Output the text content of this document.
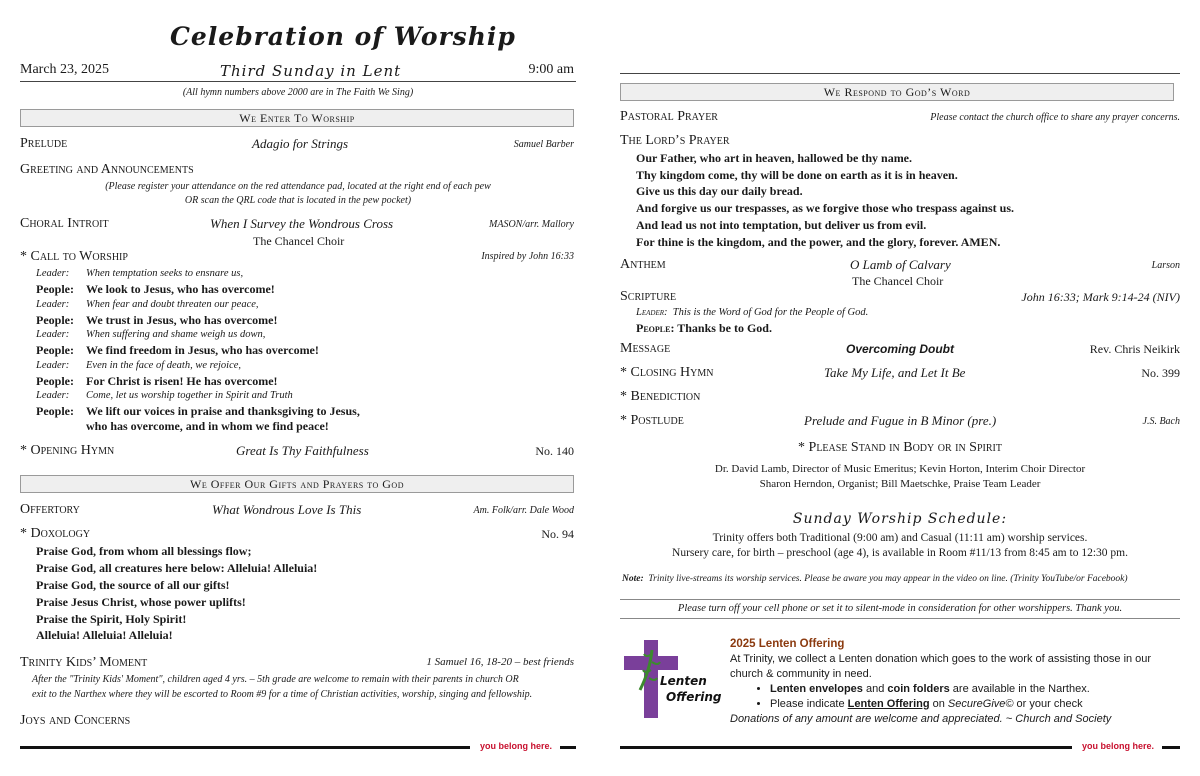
Celebration of Worship
March 23, 2025	Third Sunday in Lent	9:00 am
(All hymn numbers above 2000 are in The Faith We Sing)
We Enter To Worship
Prelude	Adagio for Strings	Samuel Barber
Greeting and Announcements
(Please register your attendance on the red attendance pad, located at the right end of each pew
OR scan the QRL code that is located in the pew pocket)
Choral Introit	When I Survey the Wondrous Cross	MASON/arr. Mallory
The Chancel Choir
* Call to Worship	Inspired by John 16:33
Leader:	When temptation seeks to ensnare us,
People:	We look to Jesus, who has overcome!
Leader:	When fear and doubt threaten our peace,
People:	We trust in Jesus, who has overcome!
Leader:	When suffering and shame weigh us down,
People:	We find freedom in Jesus, who has overcome!
Leader:	Even in the face of death, we rejoice,
People:	For Christ is risen! He has overcome!
Leader:	Come, let us worship together in Spirit and Truth
People:	We lift our voices in praise and thanksgiving to Jesus,
who has overcome, and in whom we find peace!
* Opening Hymn	Great Is Thy Faithfulness	No. 140
We Offer Our Gifts and Prayers to God
Offertory	What Wondrous Love Is This	Am. Folk/arr. Dale Wood
* Doxology	No. 94
Praise God, from whom all blessings flow;
Praise God, all creatures here below: Alleluia! Alleluia!
Praise God, the source of all our gifts!
Praise Jesus Christ, whose power uplifts!
Praise the Spirit, Holy Spirit!
Alleluia! Alleluia! Alleluia!
Trinity Kids’ Moment	1 Samuel 16, 18-20 – best friends
After the "Trinity Kids' Moment", children aged 4 yrs. – 5th grade are welcome to remain with their parents in church OR
exit to the Narthex where they will be escorted to Room #9 for a time of Christian activities, worship, singing and fellowship.
Joys and Concerns
you belong here.
We Respond to God’s Word
Pastoral Prayer	Please contact the church office to share any prayer concerns.
The Lord’s Prayer
Our Father, who art in heaven, hallowed be thy name.
Thy kingdom come, thy will be done on earth as it is in heaven.
Give us this day our daily bread.
And forgive us our trespasses, as we forgive those who trespass against us.
And lead us not into temptation, but deliver us from evil.
For thine is the kingdom, and the power, and the glory, forever. AMEN.
Anthem	O Lamb of Calvary	Larson
The Chancel Choir
Scripture	John 16:33; Mark 9:14-24 (NIV)
Leader: This is the Word of God for the People of God.
People: Thanks be to God.
Message	Overcoming Doubt	Rev. Chris Neikirk
* Closing Hymn	Take My Life, and Let It Be	No. 399
* Benediction
* Postlude	Prelude and Fugue in B Minor (pre.)	J.S. Bach
* Please Stand in Body or in Spirit
Dr. David Lamb, Director of Music Emeritus; Kevin Horton, Interim Choir Director
Sharon Herndon, Organist; Bill Maetschke, Praise Team Leader
Sunday Worship Schedule:
Trinity offers both Traditional (9:00 am) and Casual (11:11 am) worship services.
Nursery care, for birth – preschool (age 4), is available in Room #11/13 from 8:45 am to 12:30 pm.
Note: Trinity live-streams its worship services. Please be aware you may appear in the video on line. (Trinity YouTube/or Facebook)
Please turn off your cell phone or set it to silent-mode in consideration for other worshippers. Thank you.
Lenten
Offering
2025 Lenten Offering
At Trinity, we collect a Lenten donation which goes to the work of assisting those in our church & community in need.
• Lenten envelopes and coin folders are available in the Narthex.
• Please indicate Lenten Offering on SecureGive© or your check
Donations of any amount are welcome and appreciated. ~ Church and Society
you belong here.
